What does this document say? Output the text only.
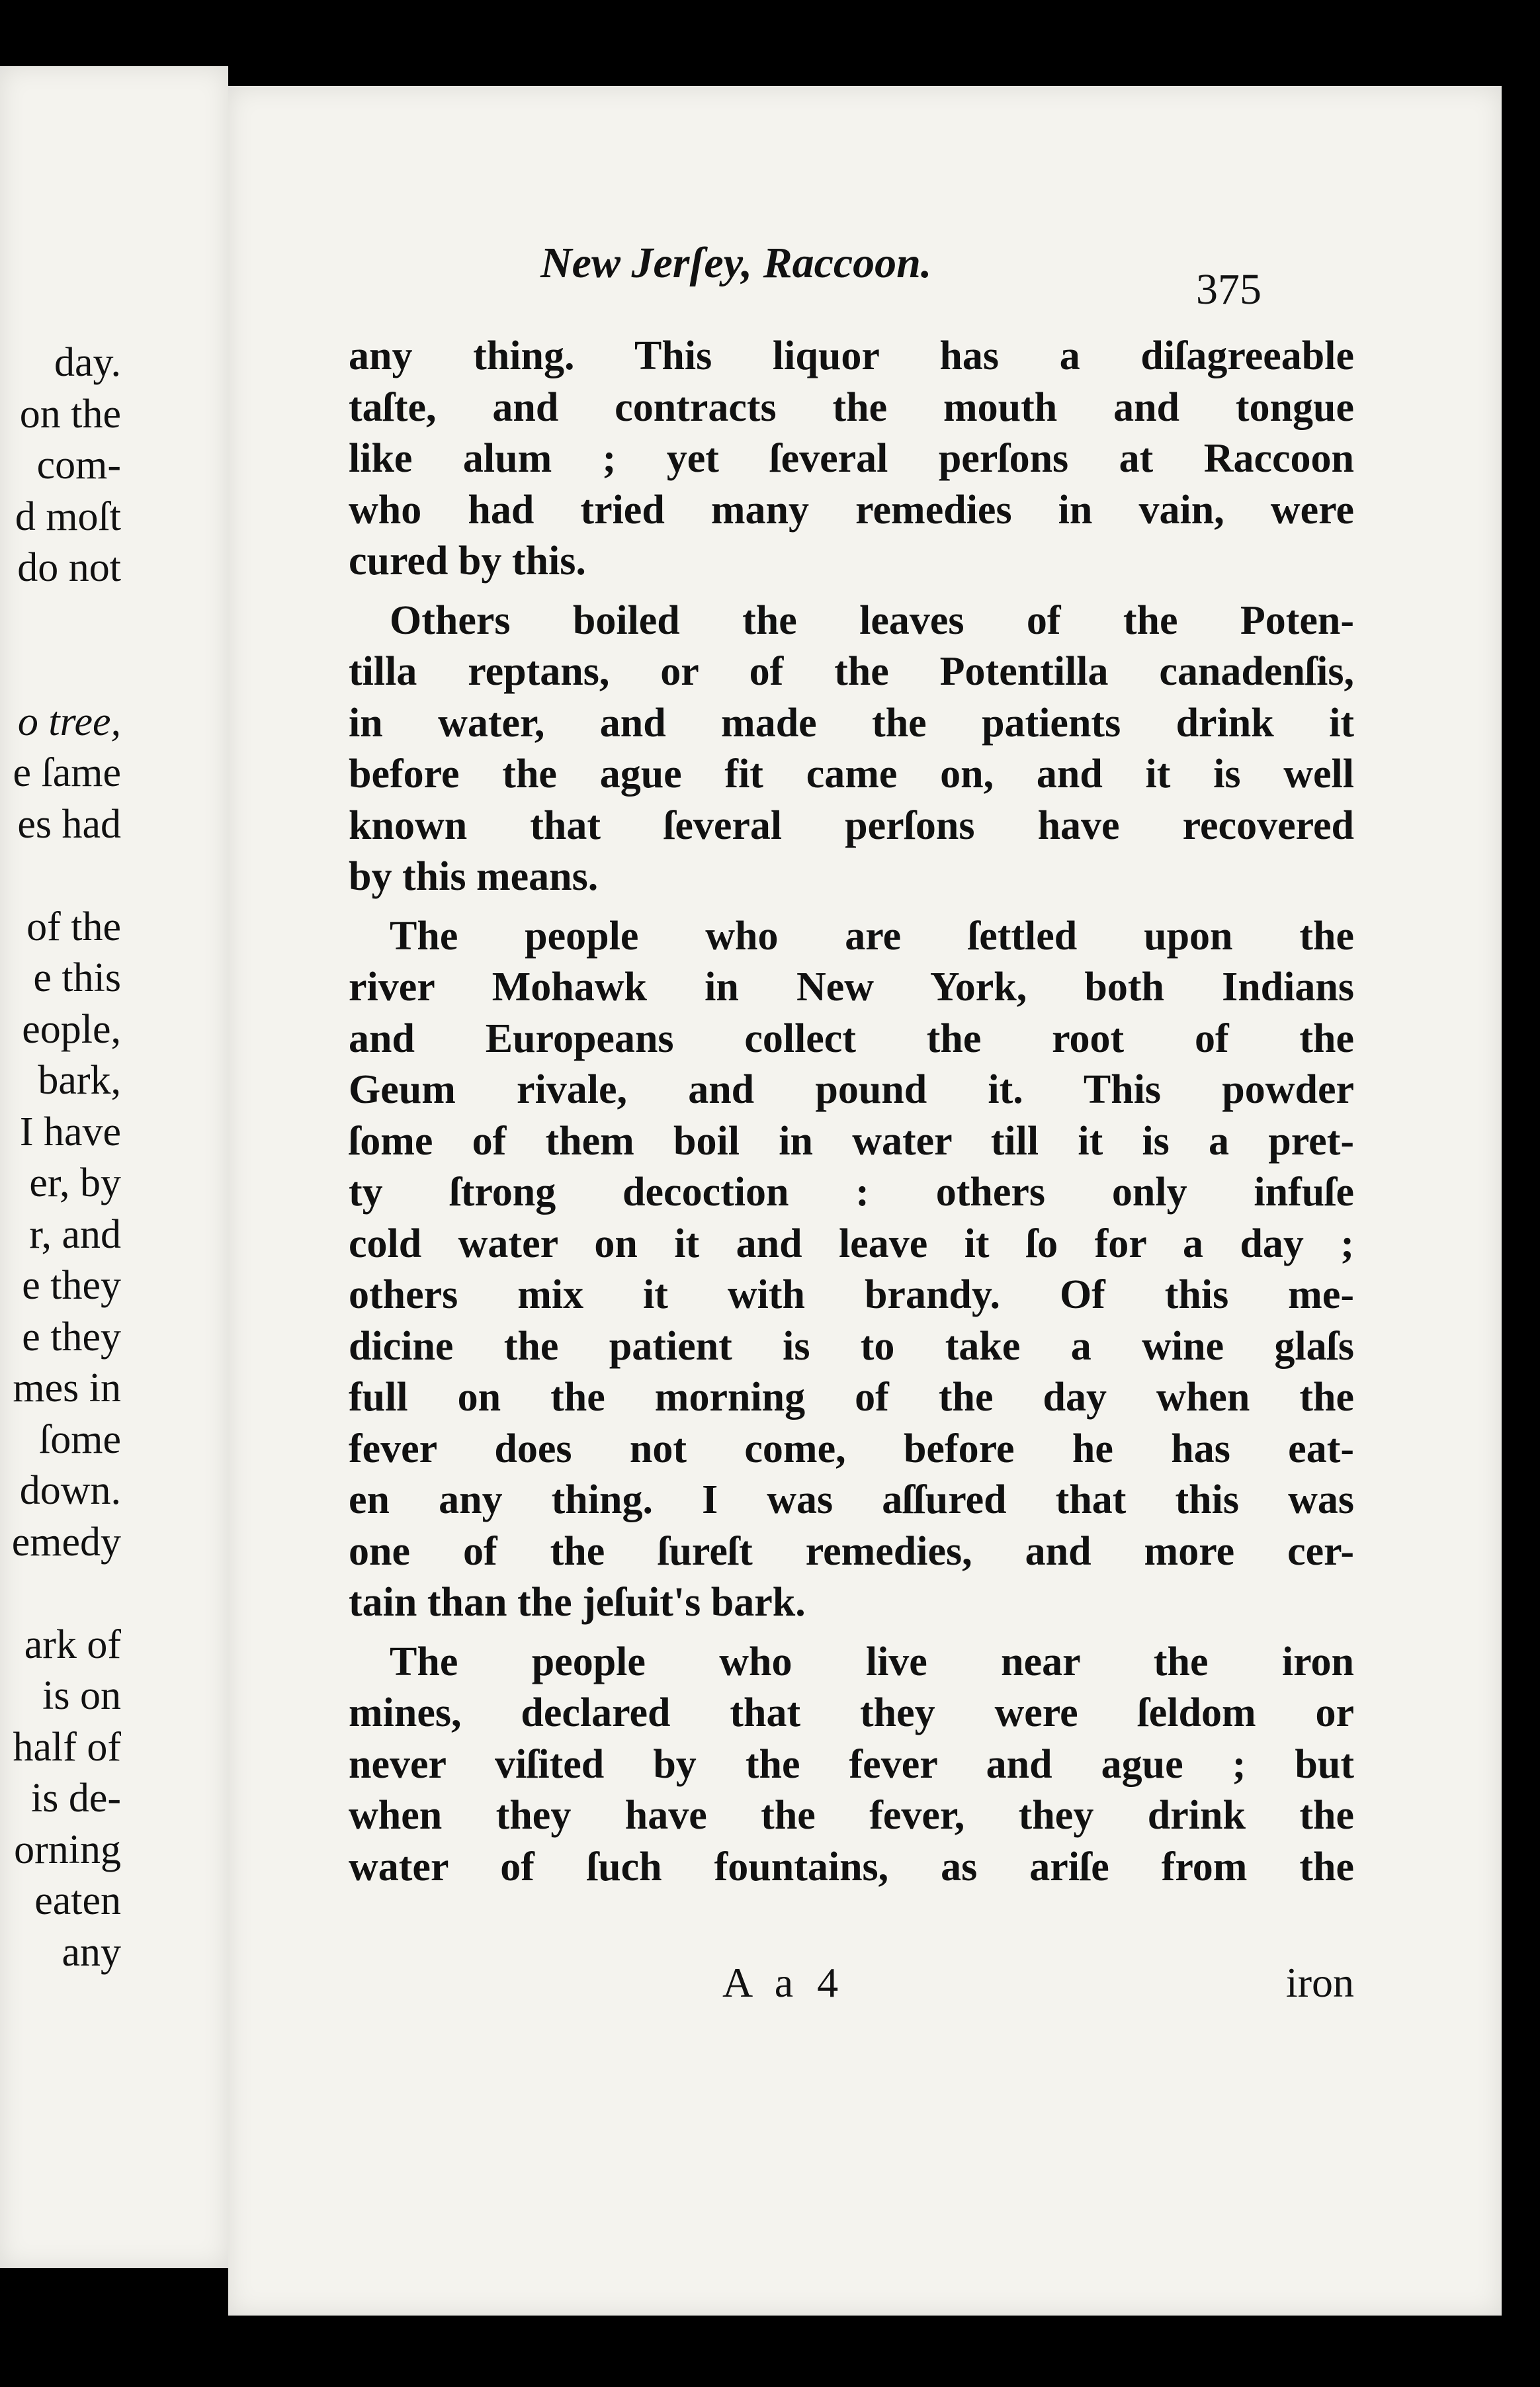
day.
on the
com-
d moſt
do not
o tree,
e ſame
es had
of the
e this
eople,
bark,
I have
er, by
r, and
e they
e they
mes in
ſome
down.
emedy
ark of
is on
half of
is de-
orning
eaten
any
New Jerſey, Raccoon.
375
any thing. This liquor has a diſagreeable
taſte, and contracts the mouth and tongue
like alum ; yet ſeveral perſons at Raccoon
who had tried many remedies in vain, were
cured by this.
Others boiled the leaves of the Poten-
tilla reptans, or of the Potentilla canadenſis,
in water, and made the patients drink it
before the ague fit came on, and it is well
known that ſeveral perſons have recovered
by this means.
The people who are ſettled upon the
river Mohawk in New York, both Indians
and Europeans collect the root of the
Geum rivale, and pound it. This powder
ſome of them boil in water till it is a pret-
ty ſtrong decoction : others only infuſe
cold water on it and leave it ſo for a day ;
others mix it with brandy. Of this me-
dicine the patient is to take a wine glaſs
full on the morning of the day when the
fever does not come, before he has eat-
en any thing. I was aſſured that this was
one of the ſureſt remedies, and more cer-
tain than the jeſuit's bark.
The people who live near the iron
mines, declared that they were ſeldom or
never viſited by the fever and ague ; but
when they have the fever, they drink the
water of ſuch fountains, as ariſe from the
A a 4	iron
